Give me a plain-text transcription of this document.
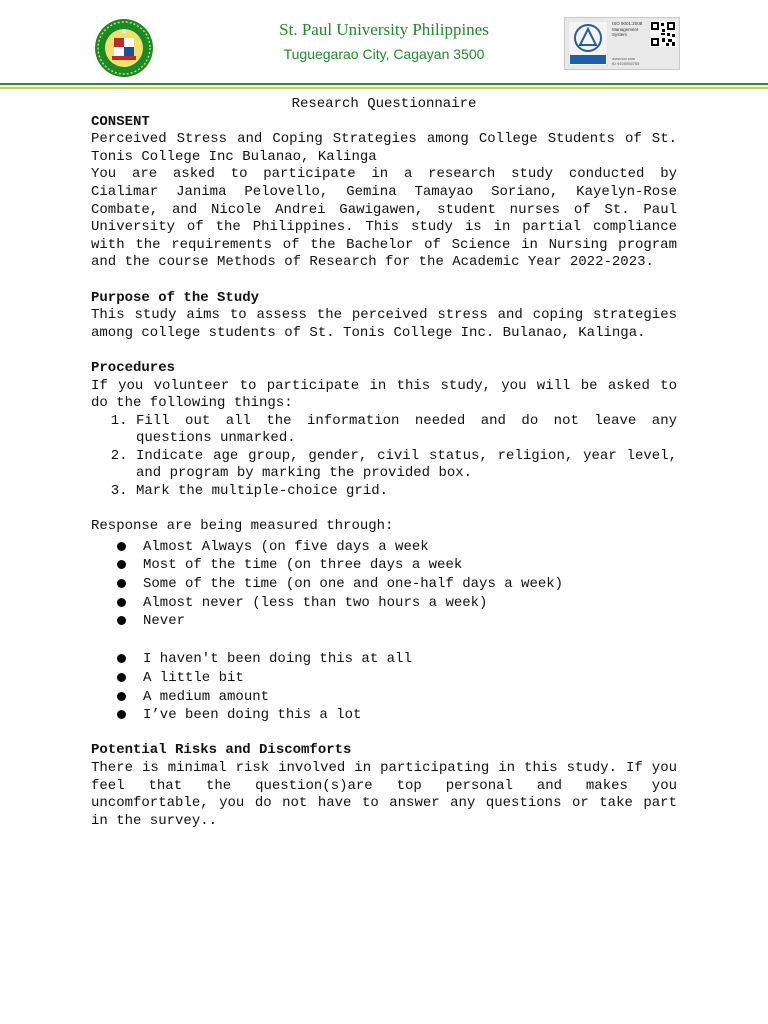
St. Paul University Philippines
Tuguegarao City, Cagayan 3500
ISO 9001:2008
Management System
www.tuv.com
ID 9105056755

Research Questionnaire

CONSENT

Perceived Stress and Coping Strategies among College Students of St. Tonis College Inc Bulanao, Kalinga

You are asked to participate in a research study conducted by Cialimar Janima Pelovello, Gemina Tamayao Soriano, Kayelyn-Rose Combate, and Nicole Andrei Gawigawen, student nurses of St. Paul University of the Philippines. This study is in partial compliance with the requirements of the Bachelor of Science in Nursing program and the course Methods of Research for the Academic Year 2022-2023.

Purpose of the Study

This study aims to assess the perceived stress and coping strategies among college students of St. Tonis College Inc. Bulanao, Kalinga.

Procedures

If you volunteer to participate in this study, you will be asked to do the following things:

1. Fill out all the information needed and do not leave any questions unmarked.
2. Indicate age group, gender, civil status, religion, year level, and program by marking the provided box.
3. Mark the multiple-choice grid.

Response are being measured through:

Almost Always (on five days a week
Most of the time (on three days a week
Some of the time (on one and one-half days a week)
Almost never (less than two hours a week)
Never
I haven't been doing this at all
A little bit
A medium amount
I’ve been doing this a lot

Potential Risks and Discomforts

There is minimal risk involved in participating in this study. If you feel that the question(s)are top personal and makes you uncomfortable, you do not have to answer any questions or take part in the survey..
